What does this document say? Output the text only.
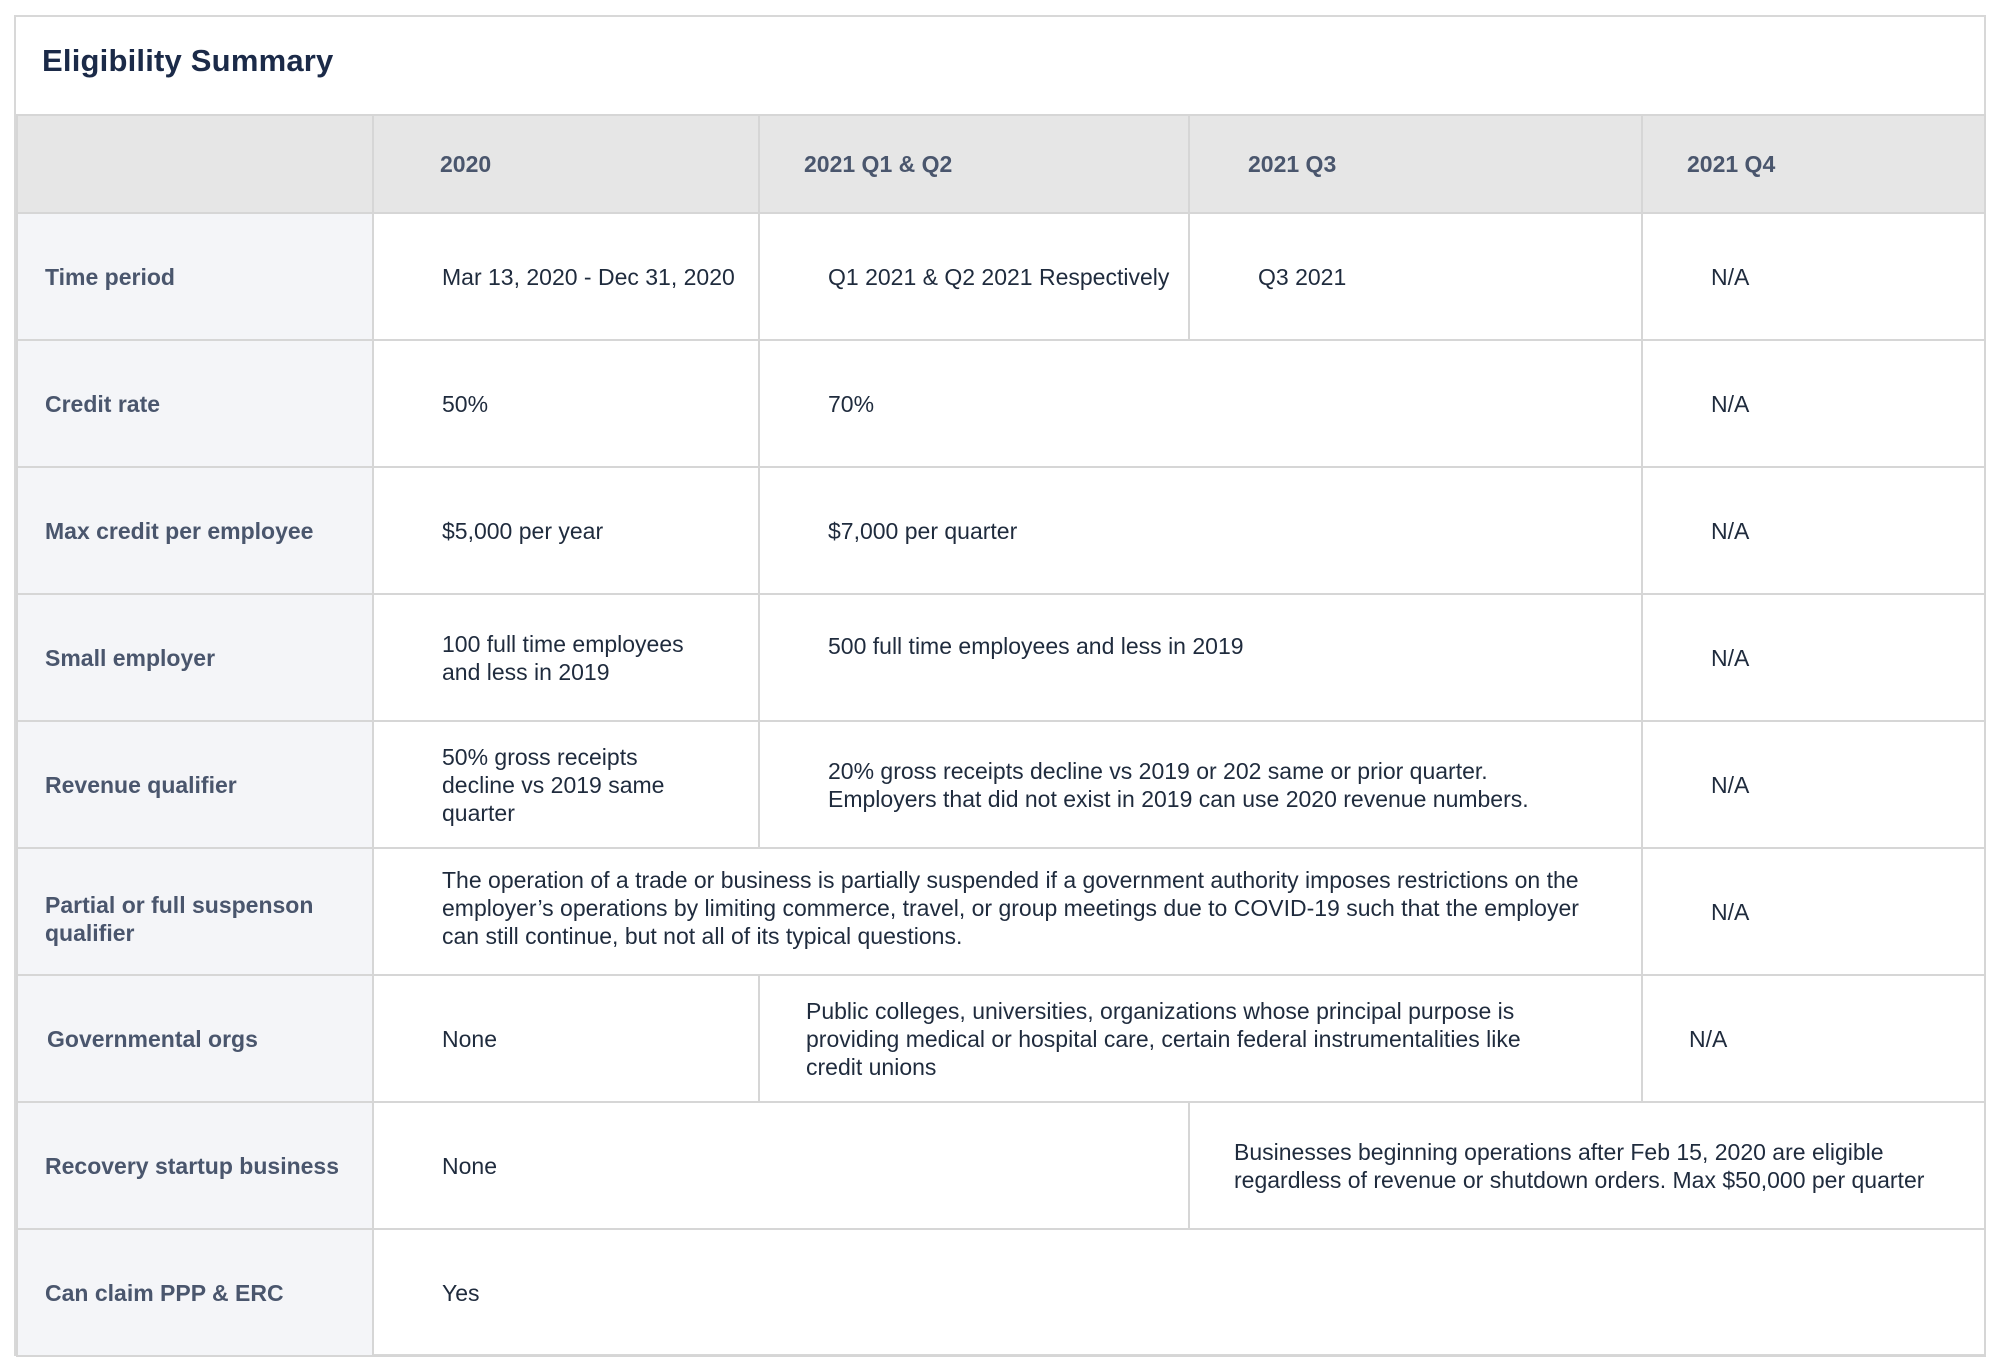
Eligibility Summary
	2020	2021 Q1 & Q2	2021 Q3	2021 Q4
Time period	Mar 13, 2020 - Dec 31, 2020	Q1 2021 & Q2 2021 Respectively	Q3 2021	N/A
Credit rate	50%	70%		N/A
Max credit per employee	$5,000 per year	$7,000 per quarter		N/A
Small employer	100 full time employees and less in 2019	500 full time employees and less in 2019		N/A
Revenue qualifier	50% gross receipts decline vs 2019 same quarter	20% gross receipts decline vs 2019 or 202 same or prior quarter. Employers that did not exist in 2019 can use 2020 revenue numbers.		N/A
Partial or full suspenson qualifier	The operation of a trade or business is partially suspended if a government authority imposes restrictions on the employer’s operations by limiting commerce, travel, or group meetings due to COVID-19 such that the employer can still continue, but not all of its typical questions.			N/A
Governmental orgs	None	Public colleges, universities, organizations whose principal purpose is providing medical or hospital care, certain federal instrumentalities like credit unions		N/A
Recovery startup business	None		Businesses beginning operations after Feb 15, 2020 are eligible regardless of revenue or shutdown orders. Max $50,000 per quarter	
Can claim PPP & ERC	Yes			
